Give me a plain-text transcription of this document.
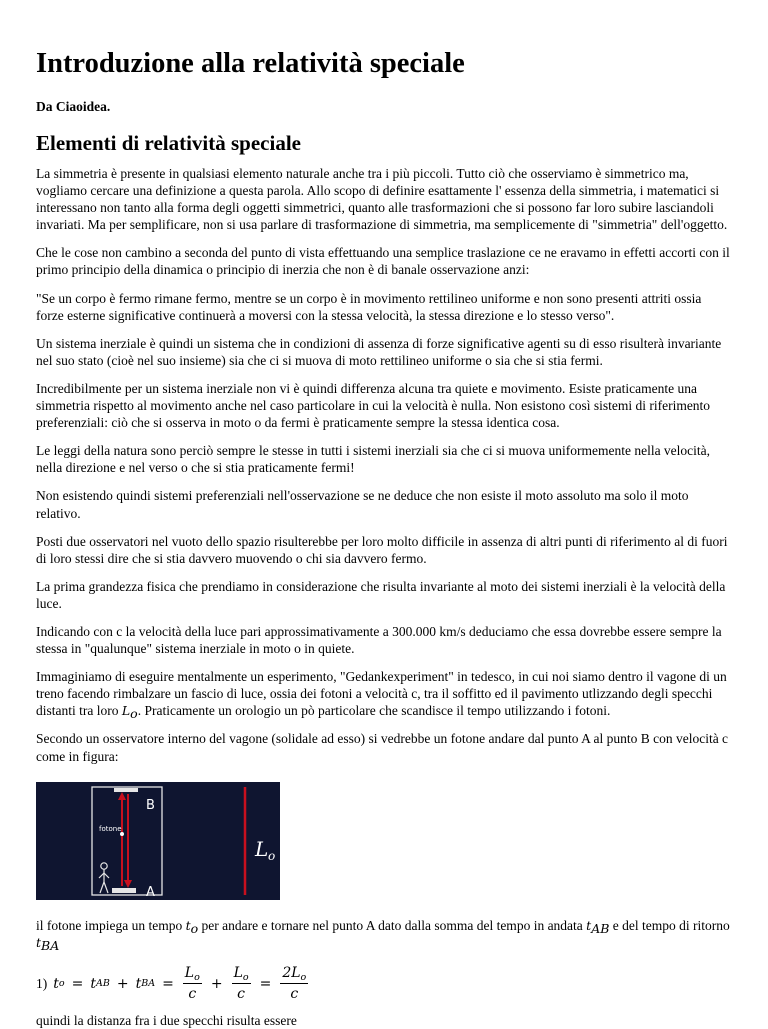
Introduzione alla relatività speciale

Da Ciaoidea.

Elementi di relatività speciale

La simmetria è presente in qualsiasi elemento naturale anche tra i più piccoli. Tutto ciò che osserviamo è simmetrico ma, vogliamo cercare una definizione a questa parola. Allo scopo di definire esattamente l' essenza della simmetria, i matematici si interessano non tanto alla forma degli oggetti simmetrici, quanto alle trasformazioni che si possono far loro subire lasciandoli invariati. Ma per semplificare, non si usa parlare di trasformazione di simmetria, ma semplicemente di "simmetria" dell'oggetto.

Che le cose non cambino a seconda del punto di vista effettuando una semplice traslazione ce ne eravamo in effetti accorti con il primo principio della dinamica o principio di inerzia che non è di banale osservazione anzi:

"Se un corpo è fermo rimane fermo, mentre se un corpo è in movimento rettilineo uniforme e non sono presenti attriti ossia forze esterne significative continuerà a moversi con la stessa velocità, la stessa direzione e lo stesso verso".

Un sistema inerziale è quindi un sistema che in condizioni di assenza di forze significative agenti su di esso risulterà invariante nel suo stato (cioè nel suo insieme) sia che ci si muova di moto rettilineo uniforme o sia che si stia fermi.

Incredibilmente per un sistema inerziale non vi è quindi differenza alcuna tra quiete e movimento. Esiste praticamente una simmetria rispetto al movimento anche nel caso particolare in cui la velocità è nulla. Non esistono così sistemi di riferimento preferenziali: ciò che si osserva in moto o da fermi è praticamente sempre la stessa identica cosa.

Le leggi della natura sono perciò sempre le stesse in tutti i sistemi inerziali sia che ci si muova uniformemente nella velocità, nella direzione e nel verso o che si stia praticamente fermi!

Non esistendo quindi sistemi preferenziali nell'osservazione se ne deduce che non esiste il moto assoluto ma solo il moto relativo.

Posti due osservatori nel vuoto dello spazio risulterebbe per loro molto difficile in assenza di altri punti di riferimento al di fuori di loro stessi dire che si stia davvero muovendo o chi sia davvero fermo.

La prima grandezza fisica che prendiamo in considerazione che risulta invariante al moto dei sistemi inerziali è la velocità della luce.

Indicando con c la velocità della luce pari approssimativamente a 300.000 km/s deduciamo che essa dovrebbe essere sempre la stessa in "qualunque" sistema inerziale in moto o in quiete.

Immaginiamo di eseguire mentalmente un esperimento, "Gedankexperiment" in tedesco, in cui noi siamo dentro il vagone di un treno facendo rimbalzare un fascio di luce, ossia dei fotoni a velocità c, tra il soffitto ed il pavimento utlizzando degli specchi distanti tra loro $L_o$. Praticamente un orologio un pò particolare che scandisce il tempo utilizzando i fotoni.

Secondo un osservatore interno del vagone (solidale ad esso) si vedrebbe un fotone andare dal punto A al punto B con velocità c come in figura:

B
A
fotone
L o

il fotone impiega un tempo $t_o$ per andare e tornare nel punto A dato dalla somma del tempo in andata $t_{AB}$ e del tempo di ritorno $t_{BA}$

1) t o = t AB + t BA = $\frac{L_o}{c} + \frac{L_o}{c} = \frac{2L_o}{c}$

quindi la distanza fra i due specchi risulta essere
